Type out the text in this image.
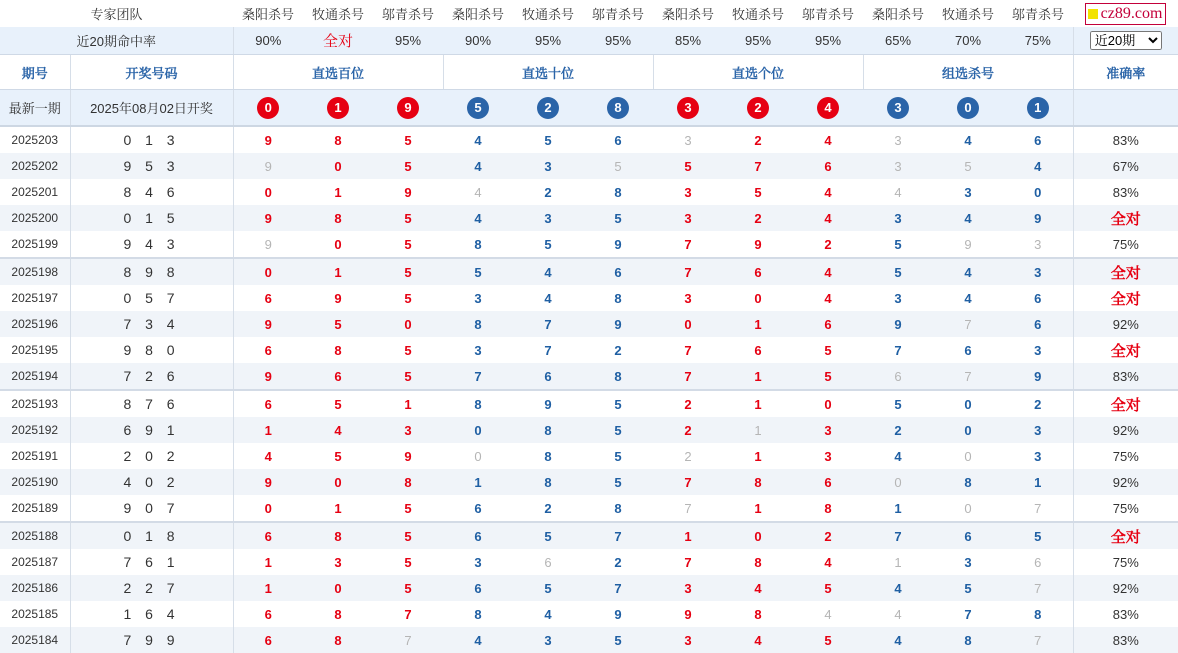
专家团队		桑阳杀号	牧通杀号	邬青杀号	桑阳杀号	牧通杀号	邬青杀号	桑阳杀号	牧通杀号	邬青杀号	桑阳杀号	牧通杀号	邬青杀号	cz89.com

近20期命中率		90%	全对	95%	90%	95%	95%	85%	95%	95%	65%	70%	75%	
近20期
期号	开奖号码	直选百位			直选十位			直选个位			组选杀号			准确率
最新一期	2025年08月02日开奖	0	1	9	5	2	8	3	2	4	3	0	1	
2025203	0 1 3	9	8	5	4	5	6	3	2	4	3	4	6	83%
2025202	9 5 3	9	0	5	4	3	5	5	7	6	3	5	4	67%
2025201	8 4 6	0	1	9	4	2	8	3	5	4	4	3	0	83%
2025200	0 1 5	9	8	5	4	3	5	3	2	4	3	4	9	全对
2025199	9 4 3	9	0	5	8	5	9	7	9	2	5	9	3	75%
2025198	8 9 8	0	1	5	5	4	6	7	6	4	5	4	3	全对
2025197	0 5 7	6	9	5	3	4	8	3	0	4	3	4	6	全对
2025196	7 3 4	9	5	0	8	7	9	0	1	6	9	7	6	92%
2025195	9 8 0	6	8	5	3	7	2	7	6	5	7	6	3	全对
2025194	7 2 6	9	6	5	7	6	8	7	1	5	6	7	9	83%
2025193	8 7 6	6	5	1	8	9	5	2	1	0	5	0	2	全对
2025192	6 9 1	1	4	3	0	8	5	2	1	3	2	0	3	92%
2025191	2 0 2	4	5	9	0	8	5	2	1	3	4	0	3	75%
2025190	4 0 2	9	0	8	1	8	5	7	8	6	0	8	1	92%
2025189	9 0 7	0	1	5	6	2	8	7	1	8	1	0	7	75%
2025188	0 1 8	6	8	5	6	5	7	1	0	2	7	6	5	全对
2025187	7 6 1	1	3	5	3	6	2	7	8	4	1	3	6	75%
2025186	2 2 7	1	0	5	6	5	7	3	4	5	4	5	7	92%
2025185	1 6 4	6	8	7	8	4	9	9	8	4	4	7	8	83%
2025184	7 9 9	6	8	7	4	3	5	3	4	5	4	8	7	83%
